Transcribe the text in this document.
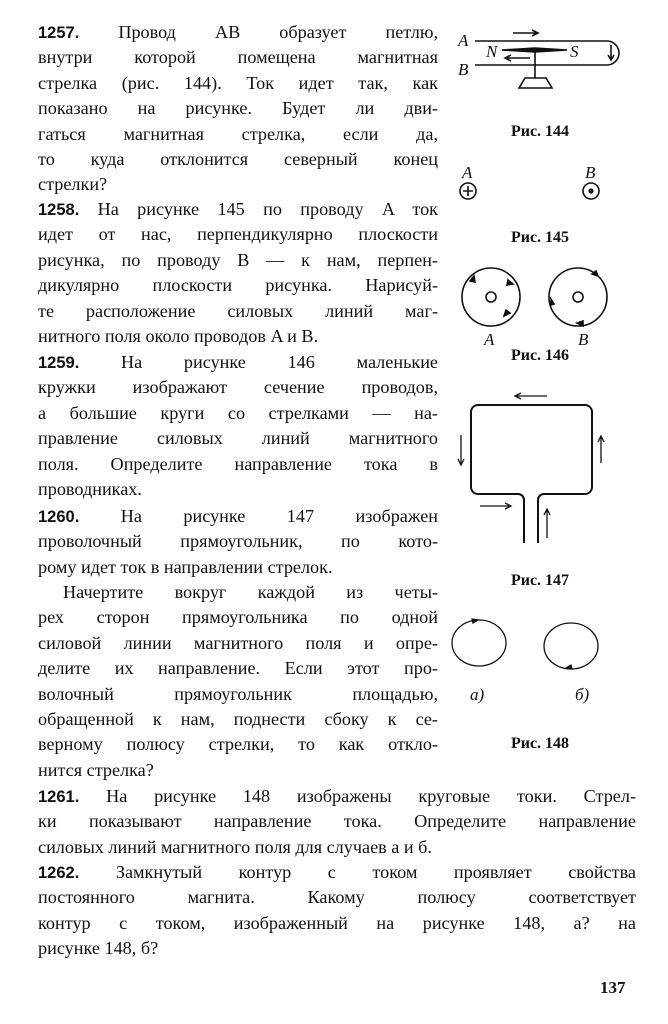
1257. Провод AB образует петлю,
внутри которой помещена магнитная
стрелка (рис. 144). Ток идет так, как
показано на рисунке. Будет ли дви-
гаться магнитная стрелка, если да,
то куда отклонится северный конец
стрелки?
1258. На рисунке 145 по проводу A ток
идет от нас, перпендикулярно плоскости
рисунка, по проводу B — к нам, перпен-
дикулярно плоскости рисунка. Нарисуй-
те расположение силовых линий маг-
нитного поля около проводов A и B.
1259. На рисунке 146 маленькие
кружки изображают сечение проводов,
а большие круги со стрелками — на-
правление силовых линий магнитного
поля. Определите направление тока в
проводниках.
1260. На рисунке 147 изображен
проволочный прямоугольник, по кото-
рому идет ток в направлении стрелок.
Начертите вокруг каждой из четы-
рех сторон прямоугольника по одной
силовой линии магнитного поля и опре-
делите их направление. Если этот про-
волочный прямоугольник площадью,
обращенной к нам, поднести сбоку к се-
верному полюсу стрелки, то как откло-
нится стрелка?
1261. На рисунке 148 изображены круговые токи. Стрел-
ки показывают направление тока. Определите направление
силовых линий магнитного поля для случаев а и б.
1262. Замкнутый контур с током проявляет свойства
постоянного магнита. Какому полюсу соответствует
контур с током, изображенный на рисунке 148, а? на
рисунке 148, б?
A
B
N	S
Рис. 144
A	B
Рис. 145
A	B
Рис. 146
Рис. 147
а)	б)
Рис. 148
137
